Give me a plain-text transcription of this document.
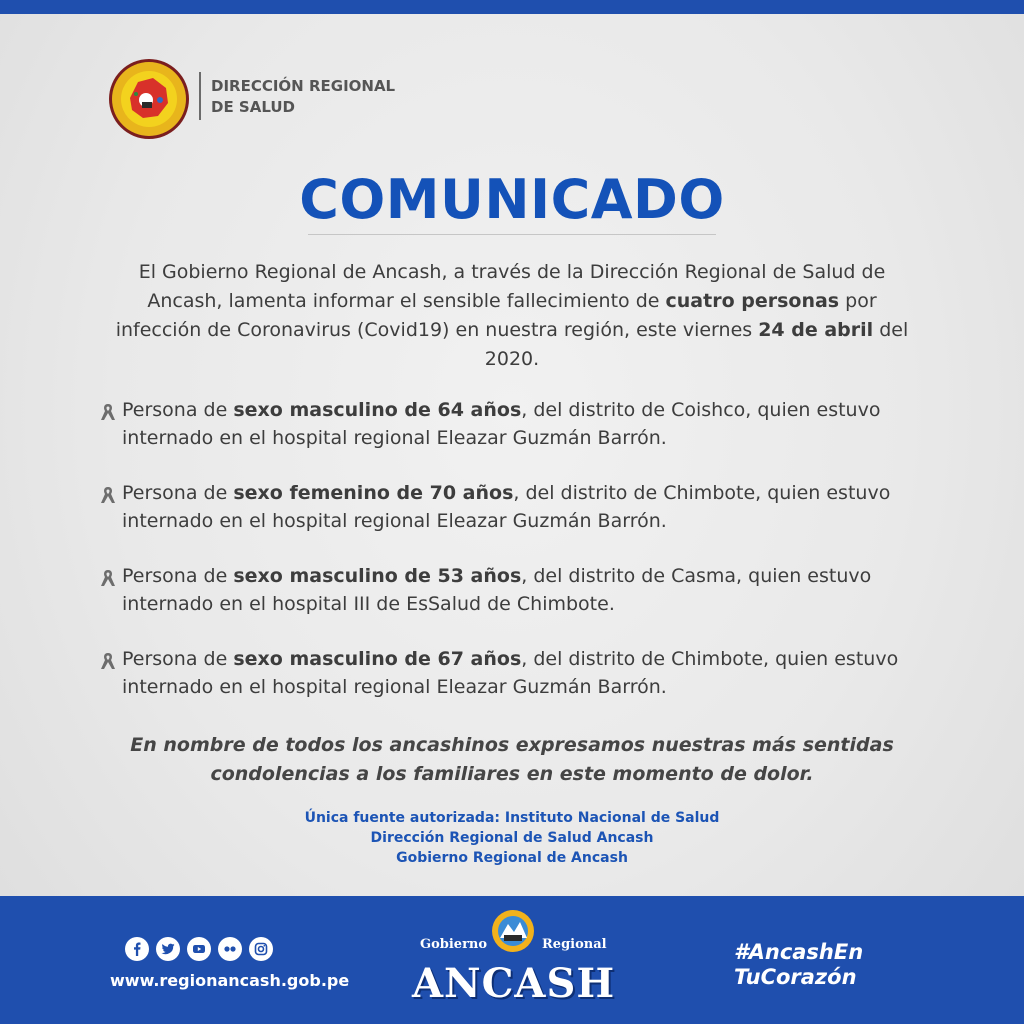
DIRECCIÓN REGIONAL
DE SALUD
COMUNICADO
El Gobierno Regional de Ancash, a través de la Dirección Regional de Salud de Ancash, lamenta informar el sensible fallecimiento de cuatro personas por infección de Coronavirus (Covid19) en nuestra región, este viernes 24 de abril del 2020.
Persona de sexo masculino de 64 años, del distrito de Coishco, quien estuvo internado en el hospital regional Eleazar Guzmán Barrón.
Persona de sexo femenino de 70 años, del distrito de Chimbote, quien estuvo internado en el hospital regional Eleazar Guzmán Barrón.
Persona de sexo masculino de 53 años, del distrito de Casma, quien estuvo internado en el hospital III de EsSalud de Chimbote.
Persona de sexo masculino de 67 años, del distrito de Chimbote, quien estuvo internado en el hospital regional Eleazar Guzmán Barrón.
En nombre de todos los ancashinos expresamos nuestras más sentidas condolencias a los familiares en este momento de dolor.
Única fuente autorizada: Instituto Nacional de Salud
Dirección Regional de Salud Ancash
Gobierno Regional de Ancash
www.regionancash.gob.pe
Gobierno	Regional
ANCASH
#AncashEn
TuCorazón
